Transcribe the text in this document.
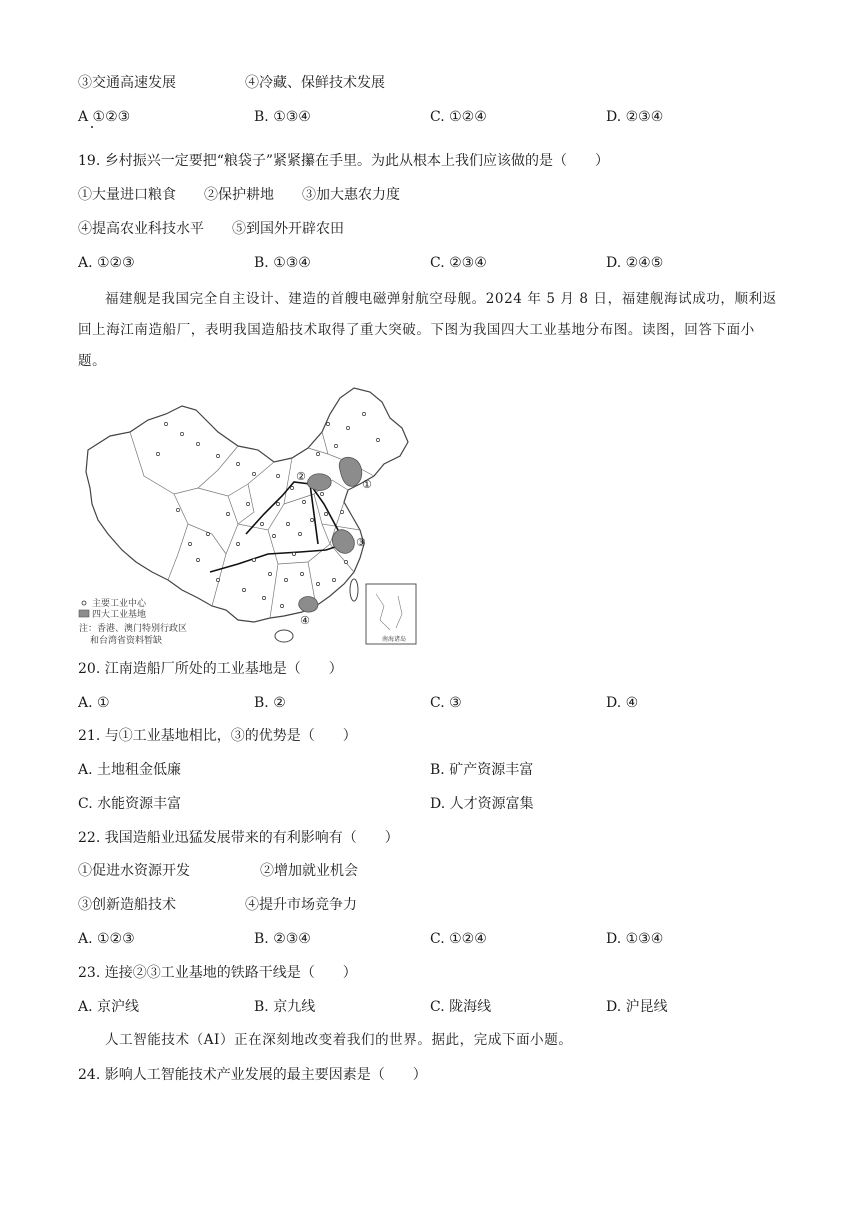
③交通高速发展	④冷藏、保鲜技术发展
A ①②③	B. ①③④	C. ①②④	D. ②③④
19. 乡村振兴一定要把“粮袋子”紧紧攥在手里。为此从根本上我们应该做的是（　　）
①大量进口粮食　　②保护耕地　　③加大惠农力度
④提高农业科技水平　　⑤到国外开辟农田
A. ①②③	B. ①③④	C. ②③④	D. ②④⑤
福建舰是我国完全自主设计、建造的首艘电磁弹射航空母舰。2024 年 5 月 8 日，福建舰海试成功，顺利返回上海江南造船厂，表明我国造船技术取得了重大突破。下图为我国四大工业基地分布图。读图，回答下面小题。
①
②
③
④
南海诸岛
主要工业中心
四大工业基地
注：香港、澳门特别行政区
和台湾省资料暂缺
20. 江南造船厂所处的工业基地是（　　）
A. ①	B. ②	C. ③	D. ④
21. 与①工业基地相比，③的优势是（　　）
A. 土地租金低廉	B. 矿产资源丰富
C. 水能资源丰富	D. 人才资源富集
22. 我国造船业迅猛发展带来的有利影响有（　　）
①促进水资源开发	②增加就业机会
③创新造船技术	④提升市场竞争力
A. ①②③	B. ②③④	C. ①②④	D. ①③④
23. 连接②③工业基地的铁路干线是（　　）
A. 京沪线	B. 京九线	C. 陇海线	D. 沪昆线
人工智能技术（AI）正在深刻地改变着我们的世界。据此，完成下面小题。
24. 影响人工智能技术产业发展的最主要因素是（　　）
